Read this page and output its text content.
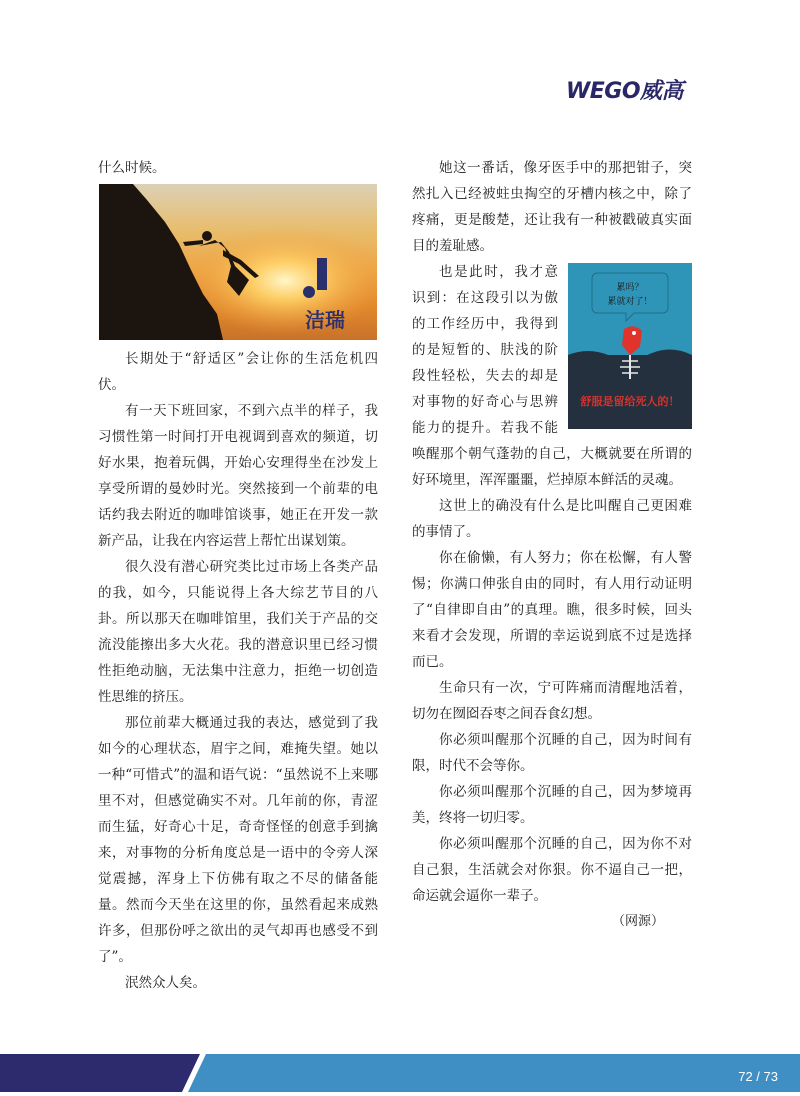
WEGO威高

什么时候。

洁瑞

长期处于“舒适区”会让你的生活危机四伏。

有一天下班回家，不到六点半的样子，我习惯性第一时间打开电视调到喜欢的频道，切好水果，抱着玩偶，开始心安理得坐在沙发上享受所谓的曼妙时光。突然接到一个前辈的电话约我去附近的咖啡馆谈事，她正在开发一款新产品，让我在内容运营上帮忙出谋划策。

很久没有潜心研究类比过市场上各类产品的我，如今，只能说得上各大综艺节目的八卦。所以那天在咖啡馆里，我们关于产品的交流没能擦出多大火花。我的潜意识里已经习惯性拒绝动脑，无法集中注意力，拒绝一切创造性思维的挤压。

那位前辈大概通过我的表达，感觉到了我如今的心理状态，眉宇之间，难掩失望。她以一种“可惜式”的温和语气说：“虽然说不上来哪里不对，但感觉确实不对。几年前的你，青涩而生猛，好奇心十足，奇奇怪怪的创意手到擒来，对事物的分析角度总是一语中的令旁人深觉震撼，浑身上下仿佛有取之不尽的储备能量。然而今天坐在这里的你，虽然看起来成熟许多，但那份呼之欲出的灵气却再也感受不到了”。

泯然众人矣。

她这一番话，像牙医手中的那把钳子，突然扎入已经被蛀虫掏空的牙槽内核之中，除了疼痛，更是酸楚，还让我有一种被戳破真实面目的羞耻感。

累吗？
累就对了！
舒服是留给死人的！

也是此时，我才意识到：在这段引以为傲的工作经历中，我得到的是短暂的、肤浅的阶段性轻松，失去的却是对事物的好奇心与思辨能力的提升。若我不能唤醒那个朝气蓬勃的自己，大概就要在所谓的好环境里，浑浑噩噩，烂掉原本鲜活的灵魂。

这世上的确没有什么是比叫醒自己更困难的事情了。

你在偷懒，有人努力；你在松懈，有人警惕；你满口伸张自由的同时，有人用行动证明了“自律即自由”的真理。瞧，很多时候，回头来看才会发现，所谓的幸运说到底不过是选择而已。

生命只有一次，宁可阵痛而清醒地活着，切勿在囫囵吞枣之间吞食幻想。

你必须叫醒那个沉睡的自己，因为时间有限，时代不会等你。

你必须叫醒那个沉睡的自己，因为梦境再美，终将一切归零。

你必须叫醒那个沉睡的自己，因为你不对自己狠，生活就会对你狠。你不逼自己一把，命运就会逼你一辈子。

（网源）
72 / 73
